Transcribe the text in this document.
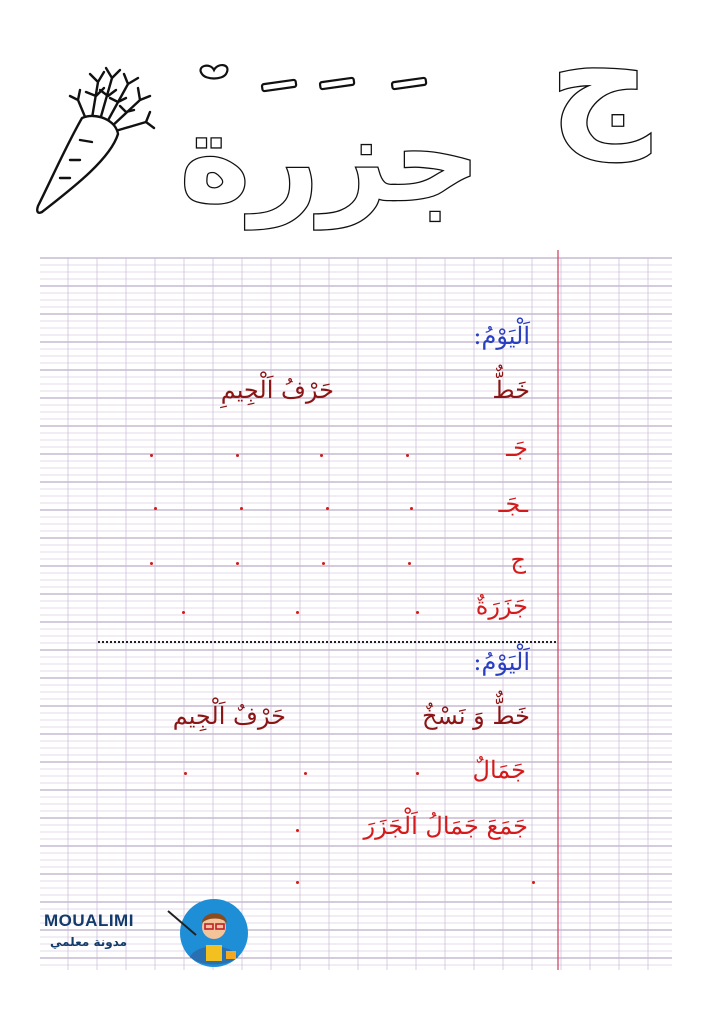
ج
جزرة
اَلْيَوْمُ:
خَطٌّ
حَرْفُ اَلْجِيمِ
جَـ
ـجَـ
ج
جَزَرَةٌ
اَلْيَوْمُ:
خَطٌّ وَ نَسْخٌ
حَرْفٌ اَلْجِيم
جَمَالٌ
جَمَعَ جَمَالُ اَلْجَزَرَ
MOUALIMI
مدونة معلمي
